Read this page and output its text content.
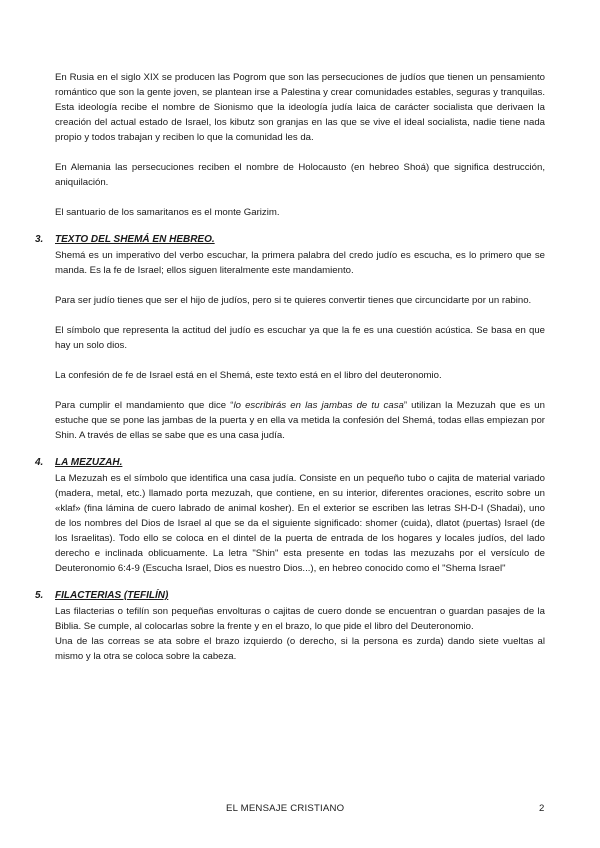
En Rusia en el siglo XIX se producen las Pogrom que son las persecuciones de judíos que tienen un pensamiento romántico que son la gente joven, se plantean irse a Palestina y crear comunidades estables, seguras y tranquilas. Esta ideología recibe el nombre de Sionismo que la ideología judía laica de carácter socialista que derivaen la creación del actual estado de Israel, los kibutz son granjas en las que se vive el ideal socialista, nadie tiene nada propio y todos trabajan y reciben lo que la comunidad les da.

En Alemania las persecuciones reciben el nombre de Holocausto (en hebreo Shoá) que significa destrucción, aniquilación.

El santuario de los samaritanos es el monte Garizim.

3.	TEXTO DEL SHEMÁ EN HEBREO.

Shemá es un imperativo del verbo escuchar, la primera palabra del credo judío es escucha, es lo primero que se manda. Es la fe de Israel; ellos siguen literalmente este mandamiento.

Para ser judío tienes que ser el hijo de judíos, pero si te quieres convertir tienes que circuncidarte por un rabino.

El símbolo que representa la actitud del judío es escuchar ya que la fe es una cuestión acústica. Se basa en que hay un solo dios.

La confesión de fe de Israel está en el Shemá, este texto está en el libro del deuteronomio.

Para cumplir el mandamiento que dice “lo escribirás en las jambas de tu casa” utilizan la Mezuzah que es un estuche que se pone las jambas de la puerta y en ella va metida la confesión del Shemá, todas ellas empiezan por Shin. A través de ellas se sabe que es una casa judía.

4.	LA MEZUZAH.

La Mezuzah es el símbolo que identifica una casa judía. Consiste en un pequeño tubo o cajita de material variado (madera, metal, etc.) llamado porta mezuzah, que contiene, en su interior, diferentes oraciones, escrito sobre un «klaf» (fina lámina de cuero labrado de animal kosher). En el exterior se escriben las letras SH-D-I (Shadai), uno de los nombres del Dios de Israel al que se da el siguiente significado: shomer (cuida), dlatot (puertas) Israel (de los Israelitas). Todo ello se coloca en el dintel de la puerta de entrada de los hogares y locales judíos, del lado derecho e inclinada oblicuamente. La letra "Shin" esta presente en todas las mezuzahs por el versículo de Deuteronomio 6:4-9 (Escucha Israel, Dios es nuestro Dios...), en hebreo conocido como el "Shema Israel"

5.	FILACTERIAS (TEFILÍN)

Las filacterias o tefilín son pequeñas envolturas o cajitas de cuero donde se encuentran o guardan pasajes de la Biblia. Se cumple, al colocarlas sobre la frente y en el brazo, lo que pide el libro del Deuteronomio.

Una de las correas se ata sobre el brazo izquierdo (o derecho, si la persona es zurda) dando siete vueltas al mismo y la otra se coloca sobre la cabeza.

EL MENSAJE CRISTIANO	2
